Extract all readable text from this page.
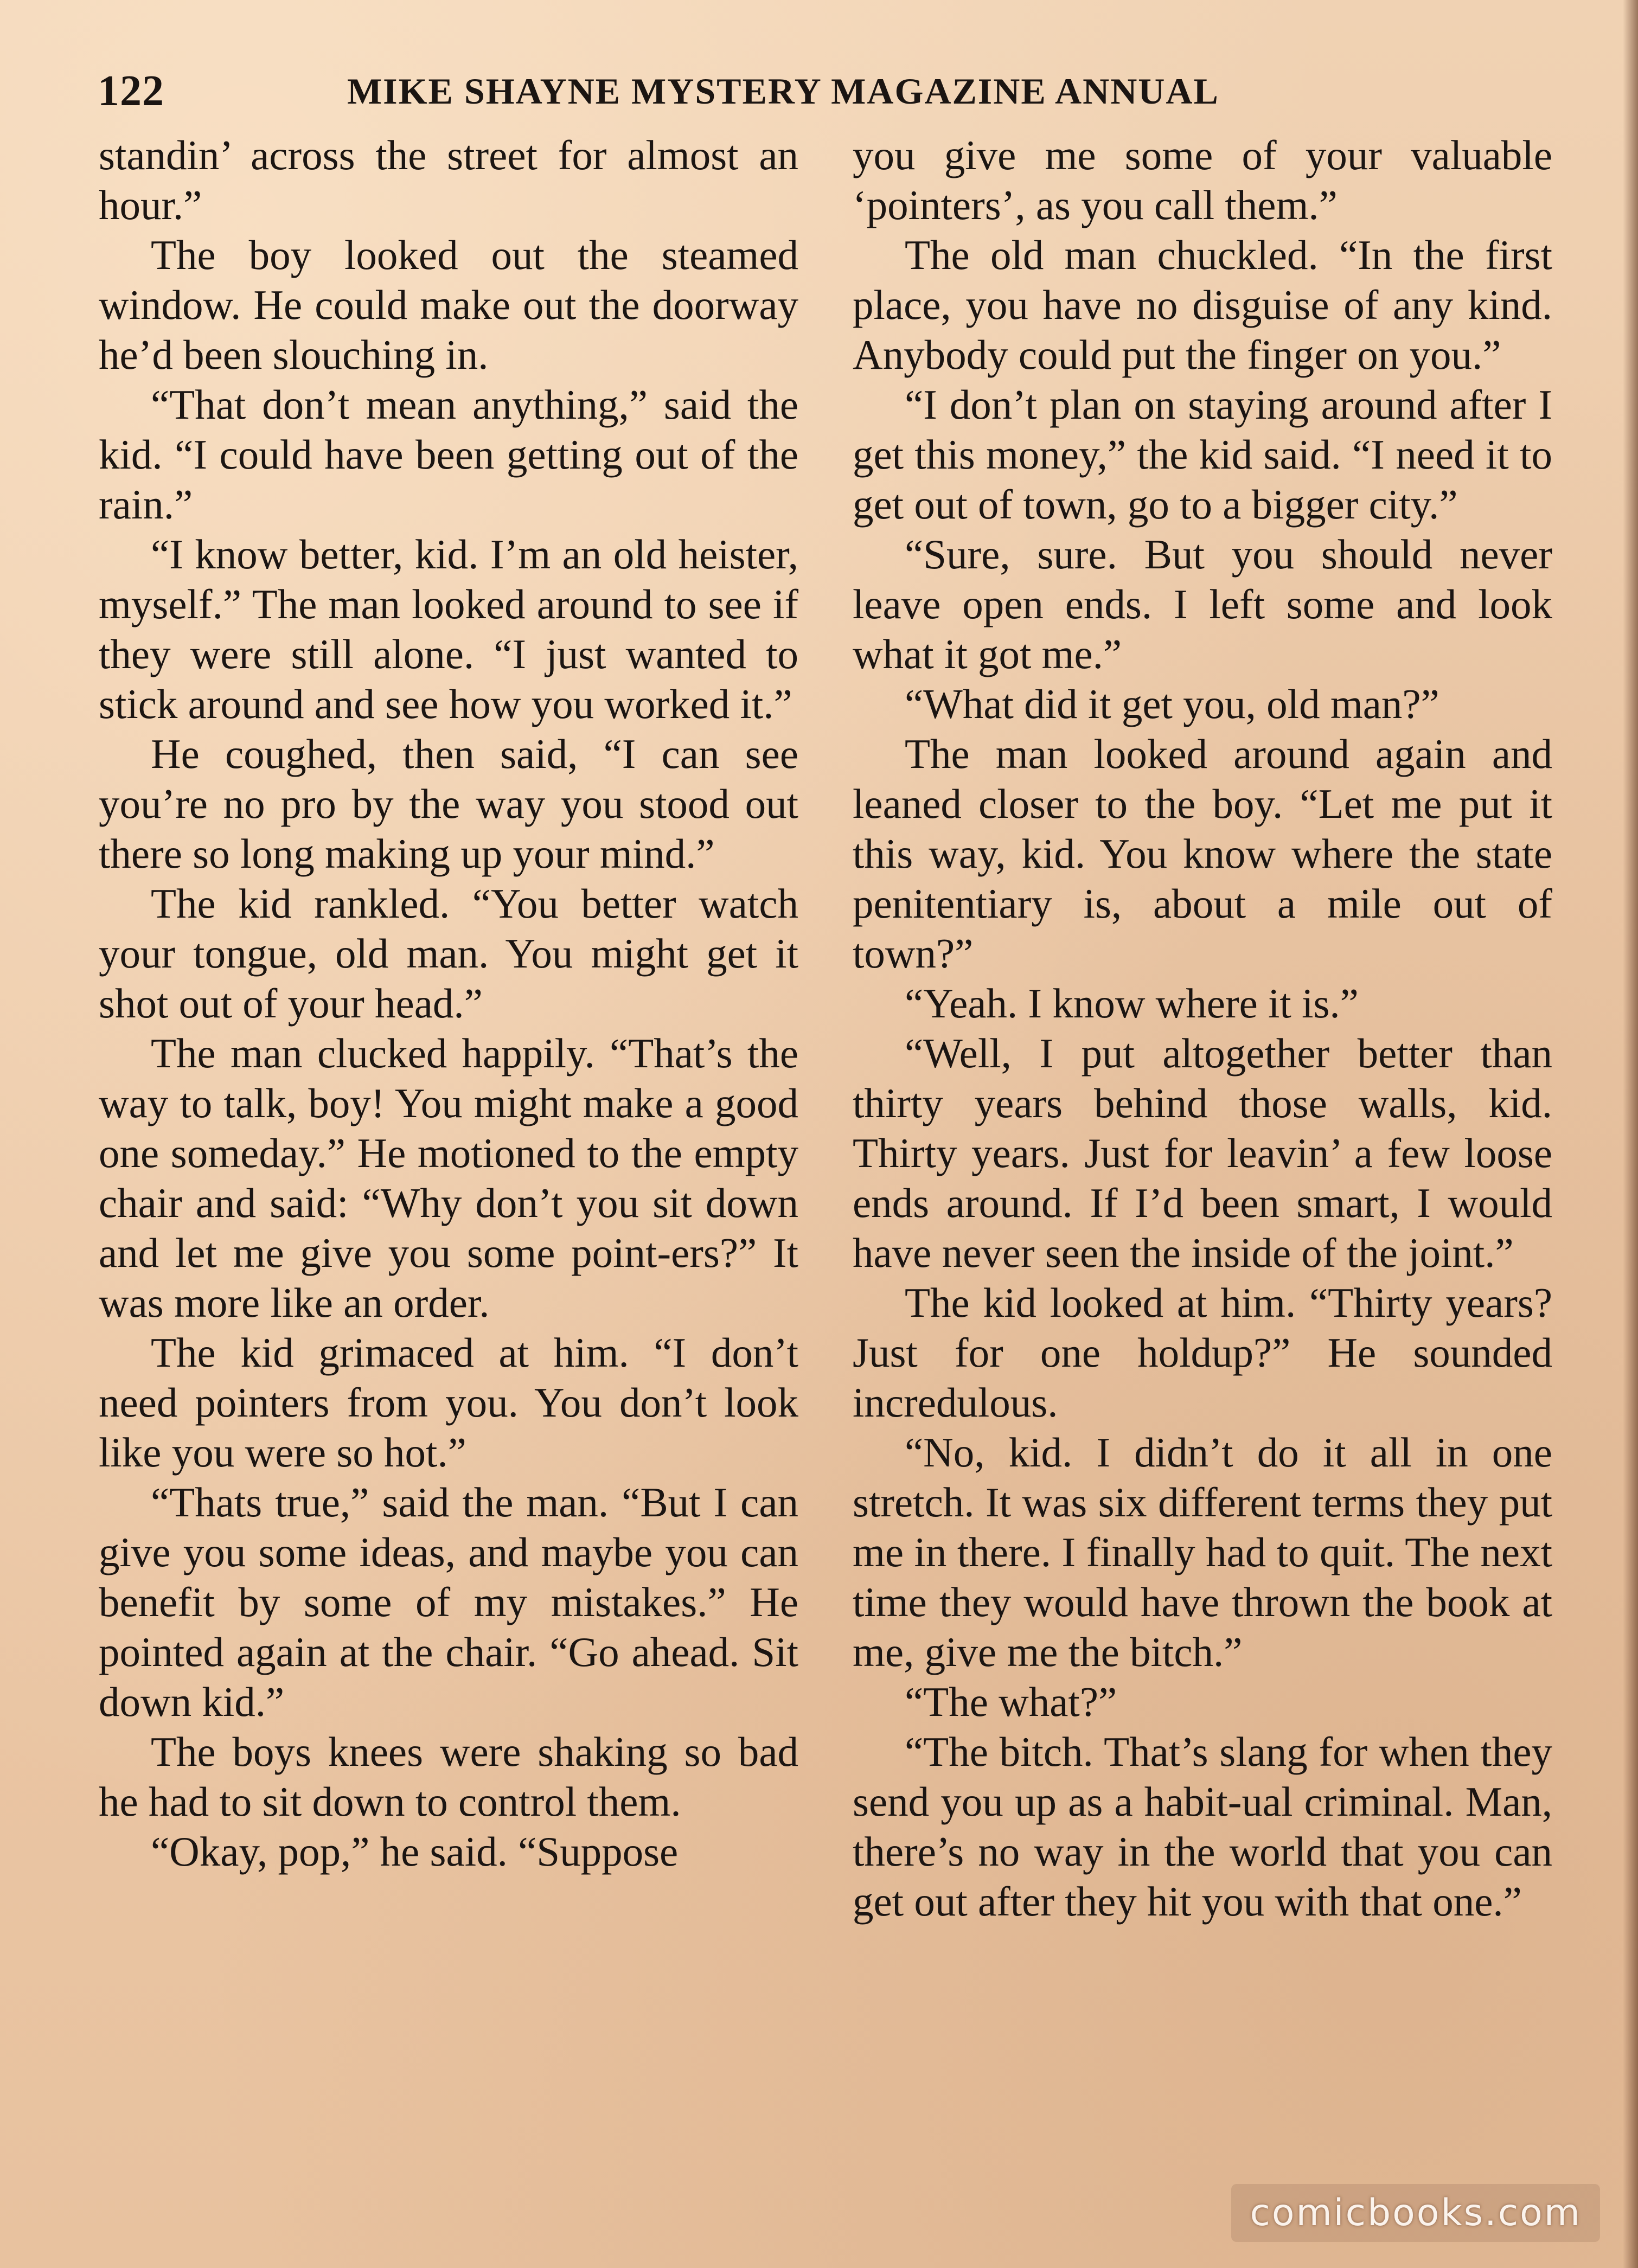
122	MIKE SHAYNE MYSTERY MAGAZINE ANNUAL

standin’ across the street for almost an hour.”

The boy looked out the steamed window. He could make out the doorway he’d been slouching in.

“That don’t mean anything,” said the kid. “I could have been getting out of the rain.”

“I know better, kid. I’m an old heister, myself.” The man looked around to see if they were still alone. “I just wanted to stick around and see how you worked it.”

He coughed, then said, “I can see you’re no pro by the way you stood out there so long making up your mind.”

The kid rankled. “You better watch your tongue, old man. You might get it shot out of your head.”

The man clucked happily. “That’s the way to talk, boy! You might make a good one someday.” He motioned to the empty chair and said: “Why don’t you sit down and let me give you some point-ers?” It was more like an order.

The kid grimaced at him. “I don’t need pointers from you. You don’t look like you were so hot.”

“Thats true,” said the man. “But I can give you some ideas, and maybe you can benefit by some of my mistakes.” He pointed again at the chair. “Go ahead. Sit down kid.”

The boys knees were shaking so bad he had to sit down to control them.

“Okay, pop,” he said. “Suppose

you give me some of your valuable ‘pointers’, as you call them.”

The old man chuckled. “In the first place, you have no disguise of any kind. Anybody could put the finger on you.”

“I don’t plan on staying around after I get this money,” the kid said. “I need it to get out of town, go to a bigger city.”

“Sure, sure. But you should never leave open ends. I left some and look what it got me.”

“What did it get you, old man?”

The man looked around again and leaned closer to the boy. “Let me put it this way, kid. You know where the state penitentiary is, about a mile out of town?”

“Yeah. I know where it is.”

“Well, I put altogether better than thirty years behind those walls, kid. Thirty years. Just for leavin’ a few loose ends around. If I’d been smart, I would have never seen the inside of the joint.”

The kid looked at him. “Thirty years? Just for one holdup?” He sounded incredulous.

“No, kid. I didn’t do it all in one stretch. It was six different terms they put me in there. I finally had to quit. The next time they would have thrown the book at me, give me the bitch.”

“The what?”

“The bitch. That’s slang for when they send you up as a habit-ual criminal. Man, there’s no way in the world that you can get out after they hit you with that one.”

comicbooks.com
